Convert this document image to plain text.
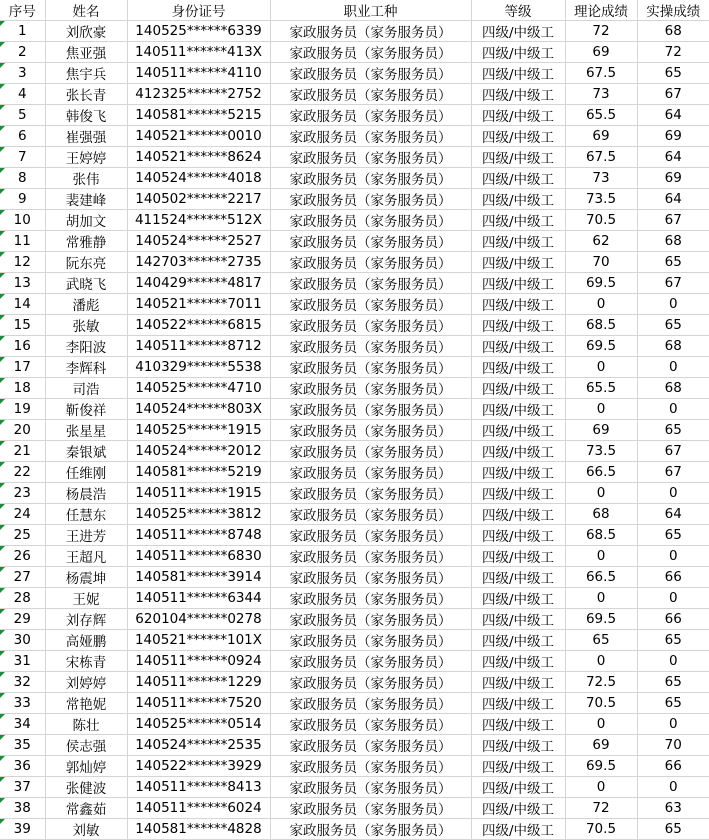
序号	姓名	身份证号	职业工种	等级	理论成绩	实操成绩

1	刘欣豪	140525******6339	家政服务员（家务服务员）	四级/中级工	72	68

2	焦亚强	140511******413X	家政服务员（家务服务员）	四级/中级工	69	72

3	焦宇兵	140511******4110	家政服务员（家务服务员）	四级/中级工	67.5	65

4	张长青	412325******2752	家政服务员（家务服务员）	四级/中级工	73	67

5	韩俊飞	140581******5215	家政服务员（家务服务员）	四级/中级工	65.5	64

6	崔强强	140521******0010	家政服务员（家务服务员）	四级/中级工	69	69

7	王婷婷	140521******8624	家政服务员（家务服务员）	四级/中级工	67.5	64

8	张伟	140524******4018	家政服务员（家务服务员）	四级/中级工	73	69

9	裴建峰	140502******2217	家政服务员（家务服务员）	四级/中级工	73.5	64

10	胡加文	411524******512X	家政服务员（家务服务员）	四级/中级工	70.5	67

11	常雅静	140524******2527	家政服务员（家务服务员）	四级/中级工	62	68

12	阮东亮	142703******2735	家政服务员（家务服务员）	四级/中级工	70	65

13	武晓飞	140429******4817	家政服务员（家务服务员）	四级/中级工	69.5	67

14	潘彪	140521******7011	家政服务员（家务服务员）	四级/中级工	0	0

15	张敏	140522******6815	家政服务员（家务服务员）	四级/中级工	68.5	65

16	李阳波	140511******8712	家政服务员（家务服务员）	四级/中级工	69.5	68

17	李辉科	410329******5538	家政服务员（家务服务员）	四级/中级工	0	0

18	司浩	140525******4710	家政服务员（家务服务员）	四级/中级工	65.5	68

19	靳俊祥	140524******803X	家政服务员（家务服务员）	四级/中级工	0	0

20	张星星	140525******1915	家政服务员（家务服务员）	四级/中级工	69	65

21	秦银斌	140524******2012	家政服务员（家务服务员）	四级/中级工	73.5	67

22	任维刚	140581******5219	家政服务员（家务服务员）	四级/中级工	66.5	67

23	杨晨浩	140511******1915	家政服务员（家务服务员）	四级/中级工	0	0

24	任慧东	140525******3812	家政服务员（家务服务员）	四级/中级工	68	64

25	王进芳	140511******8748	家政服务员（家务服务员）	四级/中级工	68.5	65

26	王超凡	140511******6830	家政服务员（家务服务员）	四级/中级工	0	0

27	杨震坤	140581******3914	家政服务员（家务服务员）	四级/中级工	66.5	66

28	王妮	140511******6344	家政服务员（家务服务员）	四级/中级工	0	0

29	刘存辉	620104******0278	家政服务员（家务服务员）	四级/中级工	69.5	66

30	高娅鹏	140521******101X	家政服务员（家务服务员）	四级/中级工	65	65

31	宋栋青	140511******0924	家政服务员（家务服务员）	四级/中级工	0	0

32	刘婷婷	140511******1229	家政服务员（家务服务员）	四级/中级工	72.5	65

33	常艳妮	140511******7520	家政服务员（家务服务员）	四级/中级工	70.5	65

34	陈壮	140525******0514	家政服务员（家务服务员）	四级/中级工	0	0

35	侯志强	140524******2535	家政服务员（家务服务员）	四级/中级工	69	70

36	郭灿婷	140522******3929	家政服务员（家务服务员）	四级/中级工	69.5	66

37	张健波	140511******8413	家政服务员（家务服务员）	四级/中级工	0	0

38	常鑫茹	140511******6024	家政服务员（家务服务员）	四级/中级工	72	63

39	刘敏	140581******4828	家政服务员（家务服务员）	四级/中级工	70.5	65
